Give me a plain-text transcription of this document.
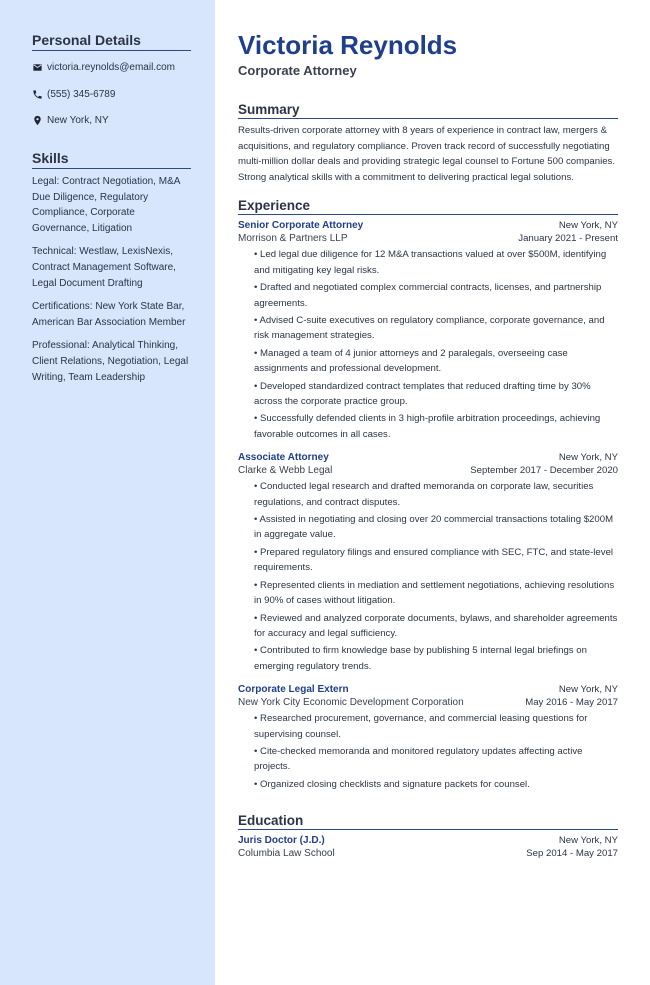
Personal Details
victoria.reynolds@email.com
(555) 345-6789
New York, NY
Skills
Legal: Contract Negotiation, M&A Due Diligence, Regulatory Compliance, Corporate Governance, Litigation
Technical: Westlaw, LexisNexis, Contract Management Software, Legal Document Drafting
Certifications: New York State Bar, American Bar Association Member
Professional: Analytical Thinking, Client Relations, Negotiation, Legal Writing, Team Leadership
Victoria Reynolds
Corporate Attorney
Summary

Results-driven corporate attorney with 8 years of experience in contract law, mergers & acquisitions, and regulatory compliance. Proven track record of successfully negotiating multi-million dollar deals and providing strategic legal counsel to Fortune 500 companies. Strong analytical skills with a commitment to delivering practical legal solutions.

Experience
Senior Corporate Attorney	New York, NY
Morrison & Partners LLP	January 2021 - Present
• Led legal due diligence for 12 M&A transactions valued at over $500M, identifying and mitigating key legal risks.
• Drafted and negotiated complex commercial contracts, licenses, and partnership agreements.
• Advised C-suite executives on regulatory compliance, corporate governance, and risk management strategies.
• Managed a team of 4 junior attorneys and 2 paralegals, overseeing case assignments and professional development.
• Developed standardized contract templates that reduced drafting time by 30% across the corporate practice group.
• Successfully defended clients in 3 high-profile arbitration proceedings, achieving favorable outcomes in all cases.
Associate Attorney	New York, NY
Clarke & Webb Legal	September 2017 - December 2020
• Conducted legal research and drafted memoranda on corporate law, securities regulations, and contract disputes.
• Assisted in negotiating and closing over 20 commercial transactions totaling $200M in aggregate value.
• Prepared regulatory filings and ensured compliance with SEC, FTC, and state-level requirements.
• Represented clients in mediation and settlement negotiations, achieving resolutions in 90% of cases without litigation.
• Reviewed and analyzed corporate documents, bylaws, and shareholder agreements for accuracy and legal sufficiency.
• Contributed to firm knowledge base by publishing 5 internal legal briefings on emerging regulatory trends.
Corporate Legal Extern	New York, NY
New York City Economic Development Corporation	May 2016 - May 2017
• Researched procurement, governance, and commercial leasing questions for supervising counsel.
• Cite-checked memoranda and monitored regulatory updates affecting active projects.
• Organized closing checklists and signature packets for counsel.
Education
Juris Doctor (J.D.)	New York, NY
Columbia Law School	Sep 2014 - May 2017
